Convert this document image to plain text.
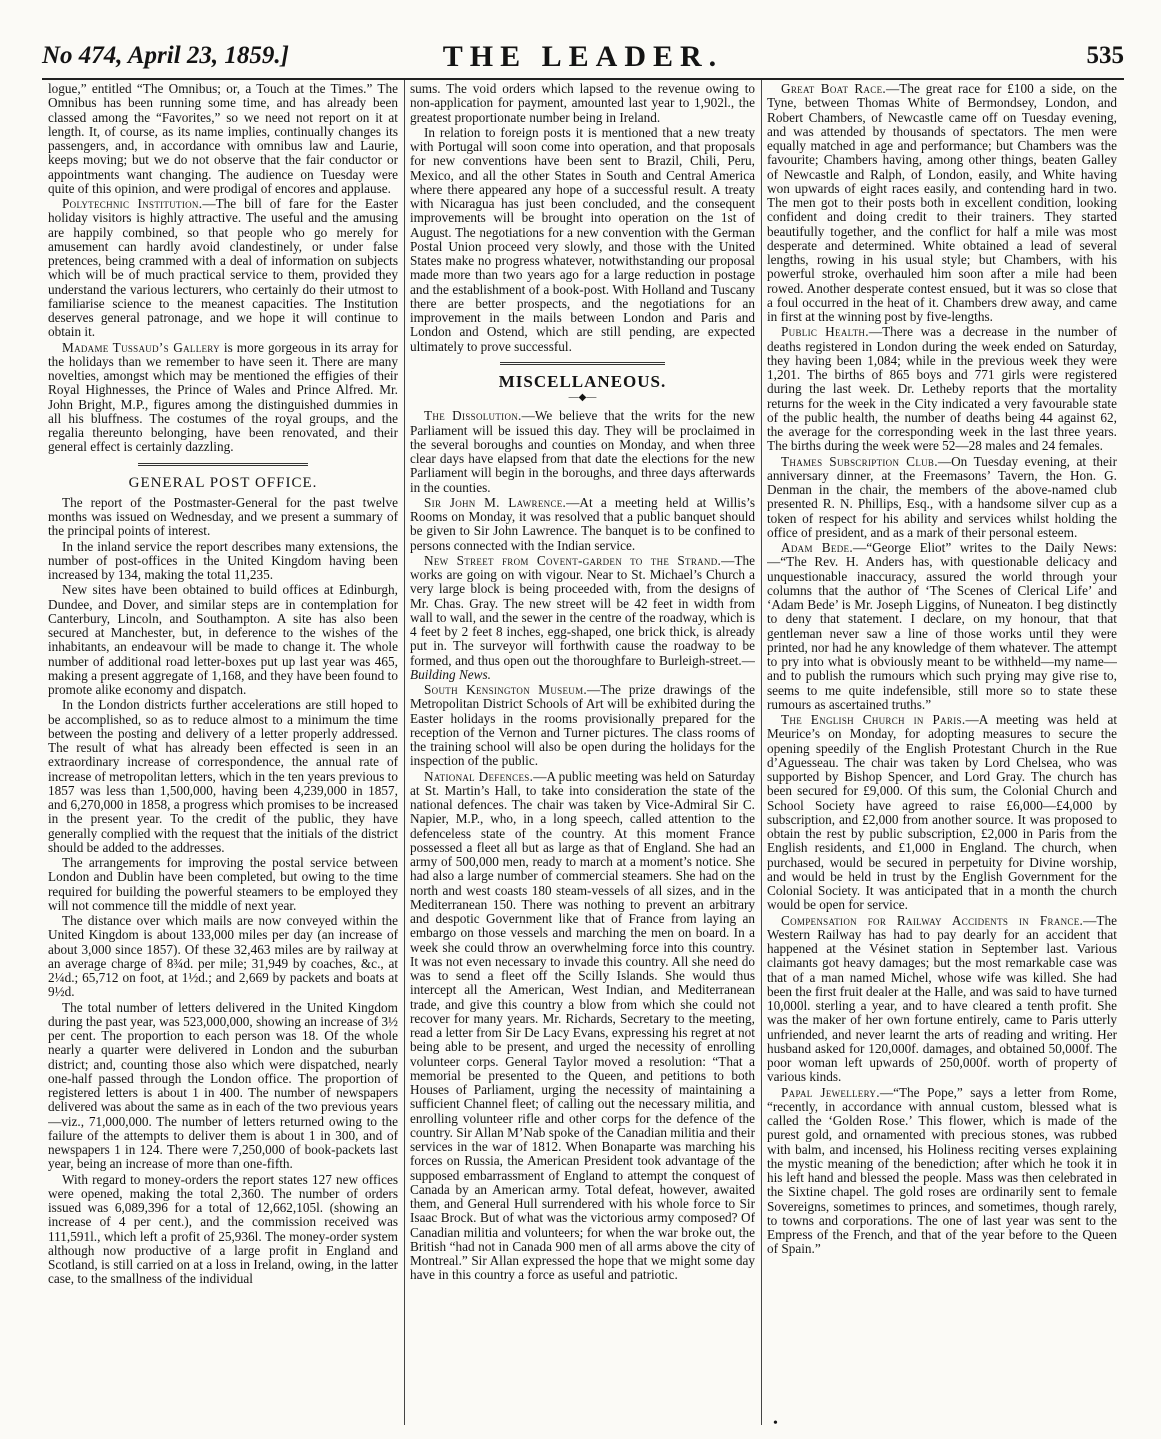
No 474, April 23, 1859.]	THE LEADER.	535

logue,” entitled “The Omnibus; or, a Touch at the Times.” The Omnibus has been running some time, and has already been classed among the “Favorites,” so we need not report on it at length. It, of course, as its name implies, continually changes its passengers, and, in accordance with omnibus law and Laurie, keeps moving; but we do not observe that the fair conductor or appointments want changing. The audience on Tuesday were quite of this opinion, and were prodigal of encores and applause.

Polytechnic Institution.—The bill of fare for the Easter holiday visitors is highly attractive. The useful and the amusing are happily combined, so that people who go merely for amusement can hardly avoid clandestinely, or under false pretences, being crammed with a deal of information on subjects which will be of much practical service to them, provided they understand the various lecturers, who certainly do their utmost to familiarise science to the meanest capacities. The Institution deserves general patronage, and we hope it will continue to obtain it.

Madame Tussaud’s Gallery is more gorgeous in its array for the holidays than we remember to have seen it. There are many novelties, amongst which may be mentioned the effigies of their Royal Highnesses, the Prince of Wales and Prince Alfred. Mr. John Bright, M.P., figures among the distinguished dummies in all his bluffness. The costumes of the royal groups, and the regalia thereunto belonging, have been renovated, and their general effect is certainly dazzling.

GENERAL POST OFFICE.

The report of the Postmaster-General for the past twelve months was issued on Wednesday, and we present a summary of the principal points of interest.

In the inland service the report describes many extensions, the number of post-offices in the United Kingdom having been increased by 134, making the total 11,235.

New sites have been obtained to build offices at Edinburgh, Dundee, and Dover, and similar steps are in contemplation for Canterbury, Lincoln, and Southampton. A site has also been secured at Manchester, but, in deference to the wishes of the inhabitants, an endeavour will be made to change it. The whole number of additional road letter-boxes put up last year was 465, making a present aggregate of 1,168, and they have been found to promote alike economy and dispatch.

In the London districts further accelerations are still hoped to be accomplished, so as to reduce almost to a minimum the time between the posting and delivery of a letter properly addressed. The result of what has already been effected is seen in an extraordinary increase of correspondence, the annual rate of increase of metropolitan letters, which in the ten years previous to 1857 was less than 1,500,000, having been 4,239,000 in 1857, and 6,270,000 in 1858, a progress which promises to be increased in the present year. To the credit of the public, they have generally complied with the request that the initials of the district should be added to the addresses.

The arrangements for improving the postal service between London and Dublin have been completed, but owing to the time required for building the powerful steamers to be employed they will not commence till the middle of next year.

The distance over which mails are now conveyed within the United Kingdom is about 133,000 miles per day (an increase of about 3,000 since 1857). Of these 32,463 miles are by railway at an average charge of 8¾d. per mile; 31,949 by coaches, &c., at 2¼d.; 65,712 on foot, at 1½d.; and 2,669 by packets and boats at 9½d.

The total number of letters delivered in the United Kingdom during the past year, was 523,000,000, showing an increase of 3½ per cent. The proportion to each person was 18. Of the whole nearly a quarter were delivered in London and the suburban district; and, counting those also which were dispatched, nearly one-half passed through the London office. The proportion of registered letters is about 1 in 400. The number of newspapers delivered was about the same as in each of the two previous years—viz., 71,000,000. The number of letters returned owing to the failure of the attempts to deliver them is about 1 in 300, and of newspapers 1 in 124. There were 7,250,000 of book-packets last year, being an increase of more than one-fifth.

With regard to money-orders the report states 127 new offices were opened, making the total 2,360. The number of orders issued was 6,089,396 for a total of 12,662,105l. (showing an increase of 4 per cent.), and the commission received was 111,591l., which left a profit of 25,936l. The money-order system although now productive of a large profit in England and Scotland, is still carried on at a loss in Ireland, owing, in the latter case, to the smallness of the individual

sums. The void orders which lapsed to the revenue owing to non-application for payment, amounted last year to 1,902l., the greatest proportionate number being in Ireland.

In relation to foreign posts it is mentioned that a new treaty with Portugal will soon come into operation, and that proposals for new conventions have been sent to Brazil, Chili, Peru, Mexico, and all the other States in South and Central America where there appeared any hope of a successful result. A treaty with Nicaragua has just been concluded, and the consequent improvements will be brought into operation on the 1st of August. The negotiations for a new convention with the German Postal Union proceed very slowly, and those with the United States make no progress whatever, notwithstanding our proposal made more than two years ago for a large reduction in postage and the establishment of a book-post. With Holland and Tuscany there are better prospects, and the negotiations for an improvement in the mails between London and Paris and London and Ostend, which are still pending, are expected ultimately to prove successful.

MISCELLANEOUS.
—◆—

The Dissolution.—We believe that the writs for the new Parliament will be issued this day. They will be proclaimed in the several boroughs and counties on Monday, and when three clear days have elapsed from that date the elections for the new Parliament will begin in the boroughs, and three days afterwards in the counties.

Sir John M. Lawrence.—At a meeting held at Willis’s Rooms on Monday, it was resolved that a public banquet should be given to Sir John Lawrence. The banquet is to be confined to persons connected with the Indian service.

New Street from Covent-garden to the Strand.—The works are going on with vigour. Near to St. Michael’s Church a very large block is being proceeded with, from the designs of Mr. Chas. Gray. The new street will be 42 feet in width from wall to wall, and the sewer in the centre of the roadway, which is 4 feet by 2 feet 8 inches, egg-shaped, one brick thick, is already put in. The surveyor will forthwith cause the roadway to be formed, and thus open out the thoroughfare to Burleigh-street.—Building News.

South Kensington Museum.—The prize drawings of the Metropolitan District Schools of Art will be exhibited during the Easter holidays in the rooms provisionally prepared for the reception of the Vernon and Turner pictures. The class rooms of the training school will also be open during the holidays for the inspection of the public.

National Defences.—A public meeting was held on Saturday at St. Martin’s Hall, to take into consideration the state of the national defences. The chair was taken by Vice-Admiral Sir C. Napier, M.P., who, in a long speech, called attention to the defenceless state of the country. At this moment France possessed a fleet all but as large as that of England. She had an army of 500,000 men, ready to march at a moment’s notice. She had also a large number of commercial steamers. She had on the north and west coasts 180 steam-vessels of all sizes, and in the Mediterranean 150. There was nothing to prevent an arbitrary and despotic Government like that of France from laying an embargo on those vessels and marching the men on board. In a week she could throw an overwhelming force into this country. It was not even necessary to invade this country. All she need do was to send a fleet off the Scilly Islands. She would thus intercept all the American, West Indian, and Mediterranean trade, and give this country a blow from which she could not recover for many years. Mr. Richards, Secretary to the meeting, read a letter from Sir De Lacy Evans, expressing his regret at not being able to be present, and urged the necessity of enrolling volunteer corps. General Taylor moved a resolution: “That a memorial be presented to the Queen, and petitions to both Houses of Parliament, urging the necessity of maintaining a sufficient Channel fleet; of calling out the necessary militia, and enrolling volunteer rifle and other corps for the defence of the country. Sir Allan M’Nab spoke of the Canadian militia and their services in the war of 1812. When Bonaparte was marching his forces on Russia, the American President took advantage of the supposed embarrassment of England to attempt the conquest of Canada by an American army. Total defeat, however, awaited them, and General Hull surrendered with his whole force to Sir Isaac Brock. But of what was the victorious army composed? Of Canadian militia and volunteers; for when the war broke out, the British “had not in Canada 900 men of all arms above the city of Montreal.” Sir Allan expressed the hope that we might some day have in this country a force as useful and patriotic.

Great Boat Race.—The great race for £100 a side, on the Tyne, between Thomas White of Bermondsey, London, and Robert Chambers, of Newcastle came off on Tuesday evening, and was attended by thousands of spectators. The men were equally matched in age and performance; but Chambers was the favourite; Chambers having, among other things, beaten Galley of Newcastle and Ralph, of London, easily, and White having won upwards of eight races easily, and contending hard in two. The men got to their posts both in excellent condition, looking confident and doing credit to their trainers. They started beautifully together, and the conflict for half a mile was most desperate and determined. White obtained a lead of several lengths, rowing in his usual style; but Chambers, with his powerful stroke, overhauled him soon after a mile had been rowed. Another desperate contest ensued, but it was so close that a foul occurred in the heat of it. Chambers drew away, and came in first at the winning post by five-lengths.

Public Health.—There was a decrease in the number of deaths registered in London during the week ended on Saturday, they having been 1,084; while in the previous week they were 1,201. The births of 865 boys and 771 girls were registered during the last week. Dr. Letheby reports that the mortality returns for the week in the City indicated a very favourable state of the public health, the number of deaths being 44 against 62, the average for the corresponding week in the last three years. The births during the week were 52—28 males and 24 females.

Thames Subscription Club.—On Tuesday evening, at their anniversary dinner, at the Freemasons’ Tavern, the Hon. G. Denman in the chair, the members of the above-named club presented R. N. Phillips, Esq., with a handsome silver cup as a token of respect for his ability and services whilst holding the office of president, and as a mark of their personal esteem.

Adam Bede.—“George Eliot” writes to the Daily News:—“The Rev. H. Anders has, with questionable delicacy and unquestionable inaccuracy, assured the world through your columns that the author of ‘The Scenes of Clerical Life’ and ‘Adam Bede’ is Mr. Joseph Liggins, of Nuneaton. I beg distinctly to deny that statement. I declare, on my honour, that that gentleman never saw a line of those works until they were printed, nor had he any knowledge of them whatever. The attempt to pry into what is obviously meant to be withheld—my name—and to publish the rumours which such prying may give rise to, seems to me quite indefensible, still more so to state these rumours as ascertained truths.”

The English Church in Paris.—A meeting was held at Meurice’s on Monday, for adopting measures to secure the opening speedily of the English Protestant Church in the Rue d’Aguesseau. The chair was taken by Lord Chelsea, who was supported by Bishop Spencer, and Lord Gray. The church has been secured for £9,000. Of this sum, the Colonial Church and School Society have agreed to raise £6,000—£4,000 by subscription, and £2,000 from another source. It was proposed to obtain the rest by public subscription, £2,000 in Paris from the English residents, and £1,000 in England. The church, when purchased, would be secured in perpetuity for Divine worship, and would be held in trust by the English Government for the Colonial Society. It was anticipated that in a month the church would be open for service.

Compensation for Railway Accidents in France.—The Western Railway has had to pay dearly for an accident that happened at the Vésinet station in September last. Various claimants got heavy damages; but the most remarkable case was that of a man named Michel, whose wife was killed. She had been the first fruit dealer at the Halle, and was said to have turned 10,000l. sterling a year, and to have cleared a tenth profit. She was the maker of her own fortune entirely, came to Paris utterly unfriended, and never learnt the arts of reading and writing. Her husband asked for 120,000f. damages, and obtained 50,000f. The poor woman left upwards of 250,000f. worth of property of various kinds.

Papal Jewellery.—“The Pope,” says a letter from Rome, “recently, in accordance with annual custom, blessed what is called the ‘Golden Rose.’ This flower, which is made of the purest gold, and ornamented with precious stones, was rubbed with balm, and incensed, his Holiness reciting verses explaining the mystic meaning of the benediction; after which he took it in his left hand and blessed the people. Mass was then celebrated in the Sixtine chapel. The gold roses are ordinarily sent to female Sovereigns, sometimes to princes, and sometimes, though rarely, to towns and corporations. The one of last year was sent to the Empress of the French, and that of the year before to the Queen of Spain.”

•
